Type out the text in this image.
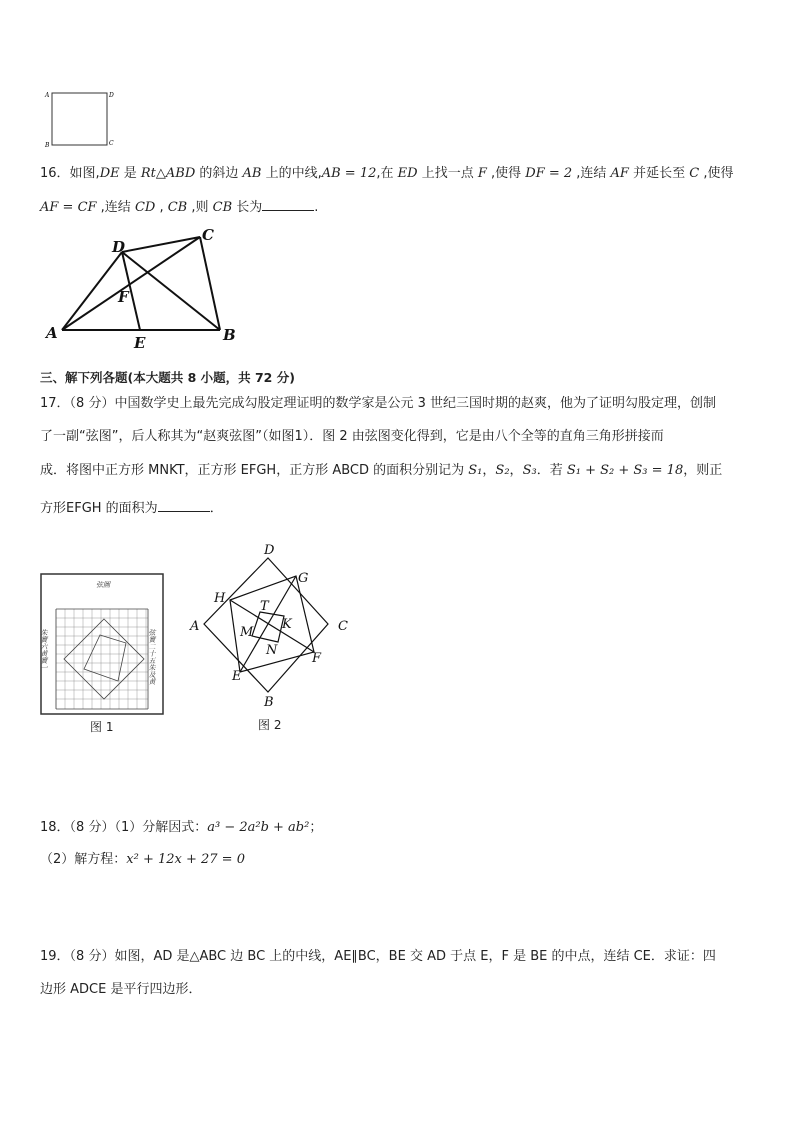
A	D
B	C
16．如图,DE 是 Rt△ABD 的斜边 AB 上的中线,AB = 12,在 ED 上找一点 F ,使得 DF = 2 ,连结 AF 并延长至 C ,使得
AF = CF ,连结 CD , CB ,则 CB 长为	.
A	B
C
D
E
F
三、解下列各题(本大题共 8 小题，共 72 分)
17．（8 分）中国数学史上最先完成勾股定理证明的数学家是公元 3 世纪三国时期的赵爽，他为了证明勾股定理，创制
了一副“弦图”，后人称其为“赵爽弦图”（如图1）．图 2 由弦图变化得到，它是由八个全等的直角三角形拼接而
成．将图中正方形 MNKT，正方形 EFGH，正方形 ABCD 的面积分别记为 S₁，S₂，S₃．若 S₁ + S₂ + S₃ = 18，则正
方形EFGH 的面积为	．
弦圖
朱實六黄實一	弦實二十五朱及黄
图 1
D
B
A	C
H
G
F
E
T
K
M
N
图 2
18．（8 分）（1）分解因式：a³ − 2a²b + ab²；
（2）解方程：x² + 12x + 27 = 0
19．（8 分）如图，AD 是△ABC 边 BC 上的中线，AE∥BC，BE 交 AD 于点 E，F 是 BE 的中点，连结 CE．求证：四
边形 ADCE 是平行四边形．
